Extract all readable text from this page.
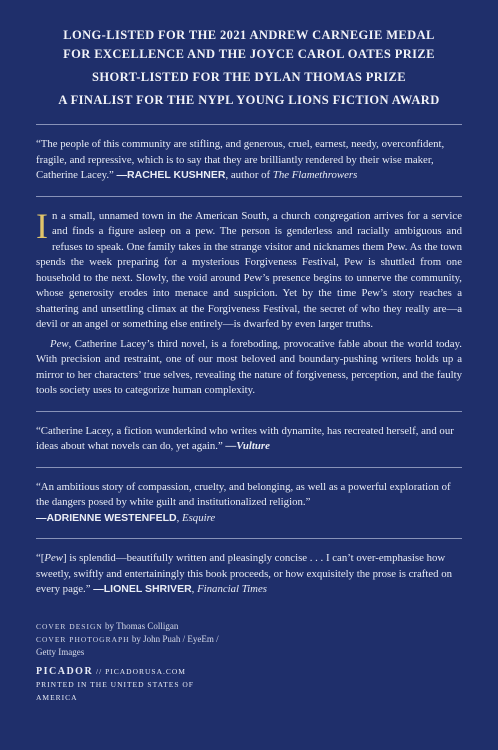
LONG-LISTED FOR THE 2021 ANDREW CARNEGIE MEDAL

FOR EXCELLENCE AND THE JOYCE CAROL OATES PRIZE

SHORT-LISTED FOR THE DYLAN THOMAS PRIZE

A FINALIST FOR THE NYPL YOUNG LIONS FICTION AWARD

“The people of this community are stifling, and generous, cruel, earnest, needy, overconfident, fragile, and repressive, which is to say that they are brilliantly rendered by their wise maker, Catherine Lacey.” —RACHEL KUSHNER, author of The Flamethrowers

In a small, unnamed town in the American South, a church congregation arrives for a service and finds a figure asleep on a pew. The person is genderless and racially ambiguous and refuses to speak. One family takes in the strange visitor and nicknames them Pew. As the town spends the week preparing for a mysterious Forgiveness Festival, Pew is shuttled from one household to the next. Slowly, the void around Pew’s presence begins to unnerve the community, whose generosity erodes into menace and suspicion. Yet by the time Pew’s story reaches a shattering and unsettling climax at the Forgiveness Festival, the secret of who they really are—a devil or an angel or something else entirely—is dwarfed by even larger truths.

Pew, Catherine Lacey’s third novel, is a foreboding, provocative fable about the world today. With precision and restraint, one of our most beloved and boundary-pushing writers holds up a mirror to her characters’ true selves, revealing the nature of forgiveness, perception, and the faulty tools society uses to categorize human complexity.

“Catherine Lacey, a fiction wunderkind who writes with dynamite, has recreated herself, and our ideas about what novels can do, yet again.” —Vulture

“An ambitious story of compassion, cruelty, and belonging, as well as a powerful exploration of the dangers posed by white guilt and institutionalized religion.”
—ADRIENNE WESTENFELD, Esquire

“[Pew] is splendid—beautifully written and pleasingly concise . . . I can’t over-emphasise how sweetly, swiftly and entertainingly this book proceeds, or how exquisitely the prose is crafted on every page.” —LIONEL SHRIVER, Financial Times

COVER DESIGN by Thomas Colligan
COVER PHOTOGRAPH by John Puah / EyeEm /
Getty Images
PICADOR // PICADORUSA.COM
PRINTED IN THE UNITED STATES OF
AMERICA
